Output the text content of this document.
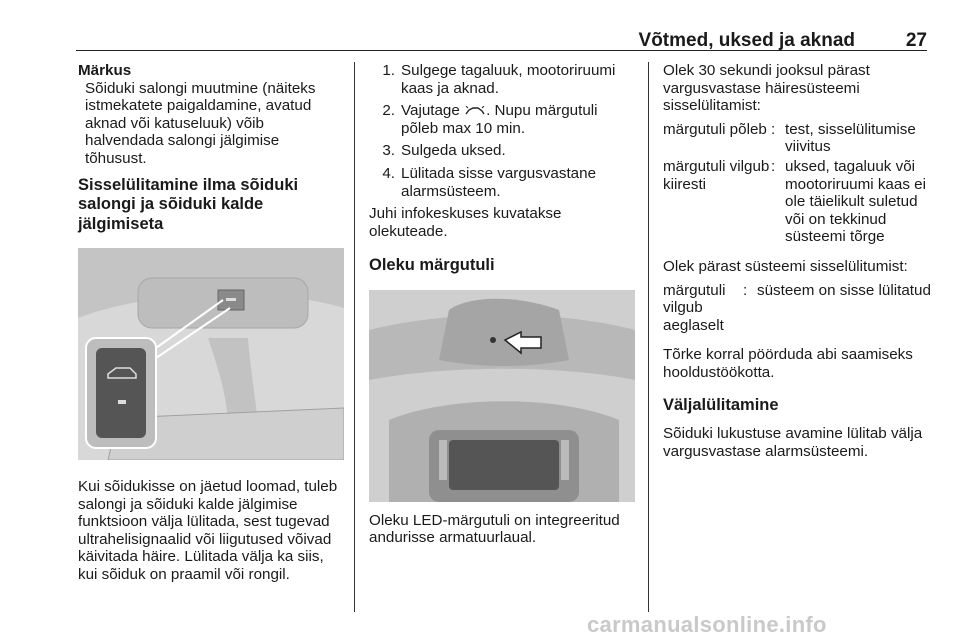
Võtmed, uksed ja aknad	27
Märkus
Sõiduki salongi muutmine (näiteks istmekatete paigaldamine, avatud aknad või katuseluuk) võib halvendada salongi jälgimise tõhusust.
Sisselülitamine ilma sõiduki salongi ja sõiduki kalde jälgimiseta

Kui sõidukisse on jäetud loomad, tuleb salongi ja sõiduki kalde jälgimise funktsioon välja lülitada, sest tugevad ultrahelisignaalid või liigutused võivad käivitada häire. Lülitada välja ka siis, kui sõiduk on praamil või rongil.

1. Sulgege tagaluuk, mootoriruumi kaas ja aknad.
2. Vajutage . Nupu märgutuli põleb max 10 min.
3. Sulgeda uksed.
4. Lülitada sisse vargusvastane alarmsüsteem.

Juhi infokeskuses kuvatakse olekuteade.

Oleku märgutuli

Oleku LED-märgutuli on integreeritud andurisse armatuurlaual.

Olek 30 sekundi jooksul pärast vargusvastase häiresüsteemi sisselülitamist:

märgutuli põleb : test, sisselülitumise viivitus
märgutuli vilgub kiiresti
: uksed, tagaluuk või mootoriruumi kaas ei ole täielikult suletud või on tekkinud süsteemi tõrge

Olek pärast süsteemi sisselülitumist:

märgutuli vilgub aeglaselt
: süsteem on sisse lülitatud

Tõrke korral pöörduda abi saamiseks hooldustöökotta.

Väljalülitamine

Sõiduki lukustuse avamine lülitab välja vargusvastase alarmsüsteemi.

carmanualsonline.info
